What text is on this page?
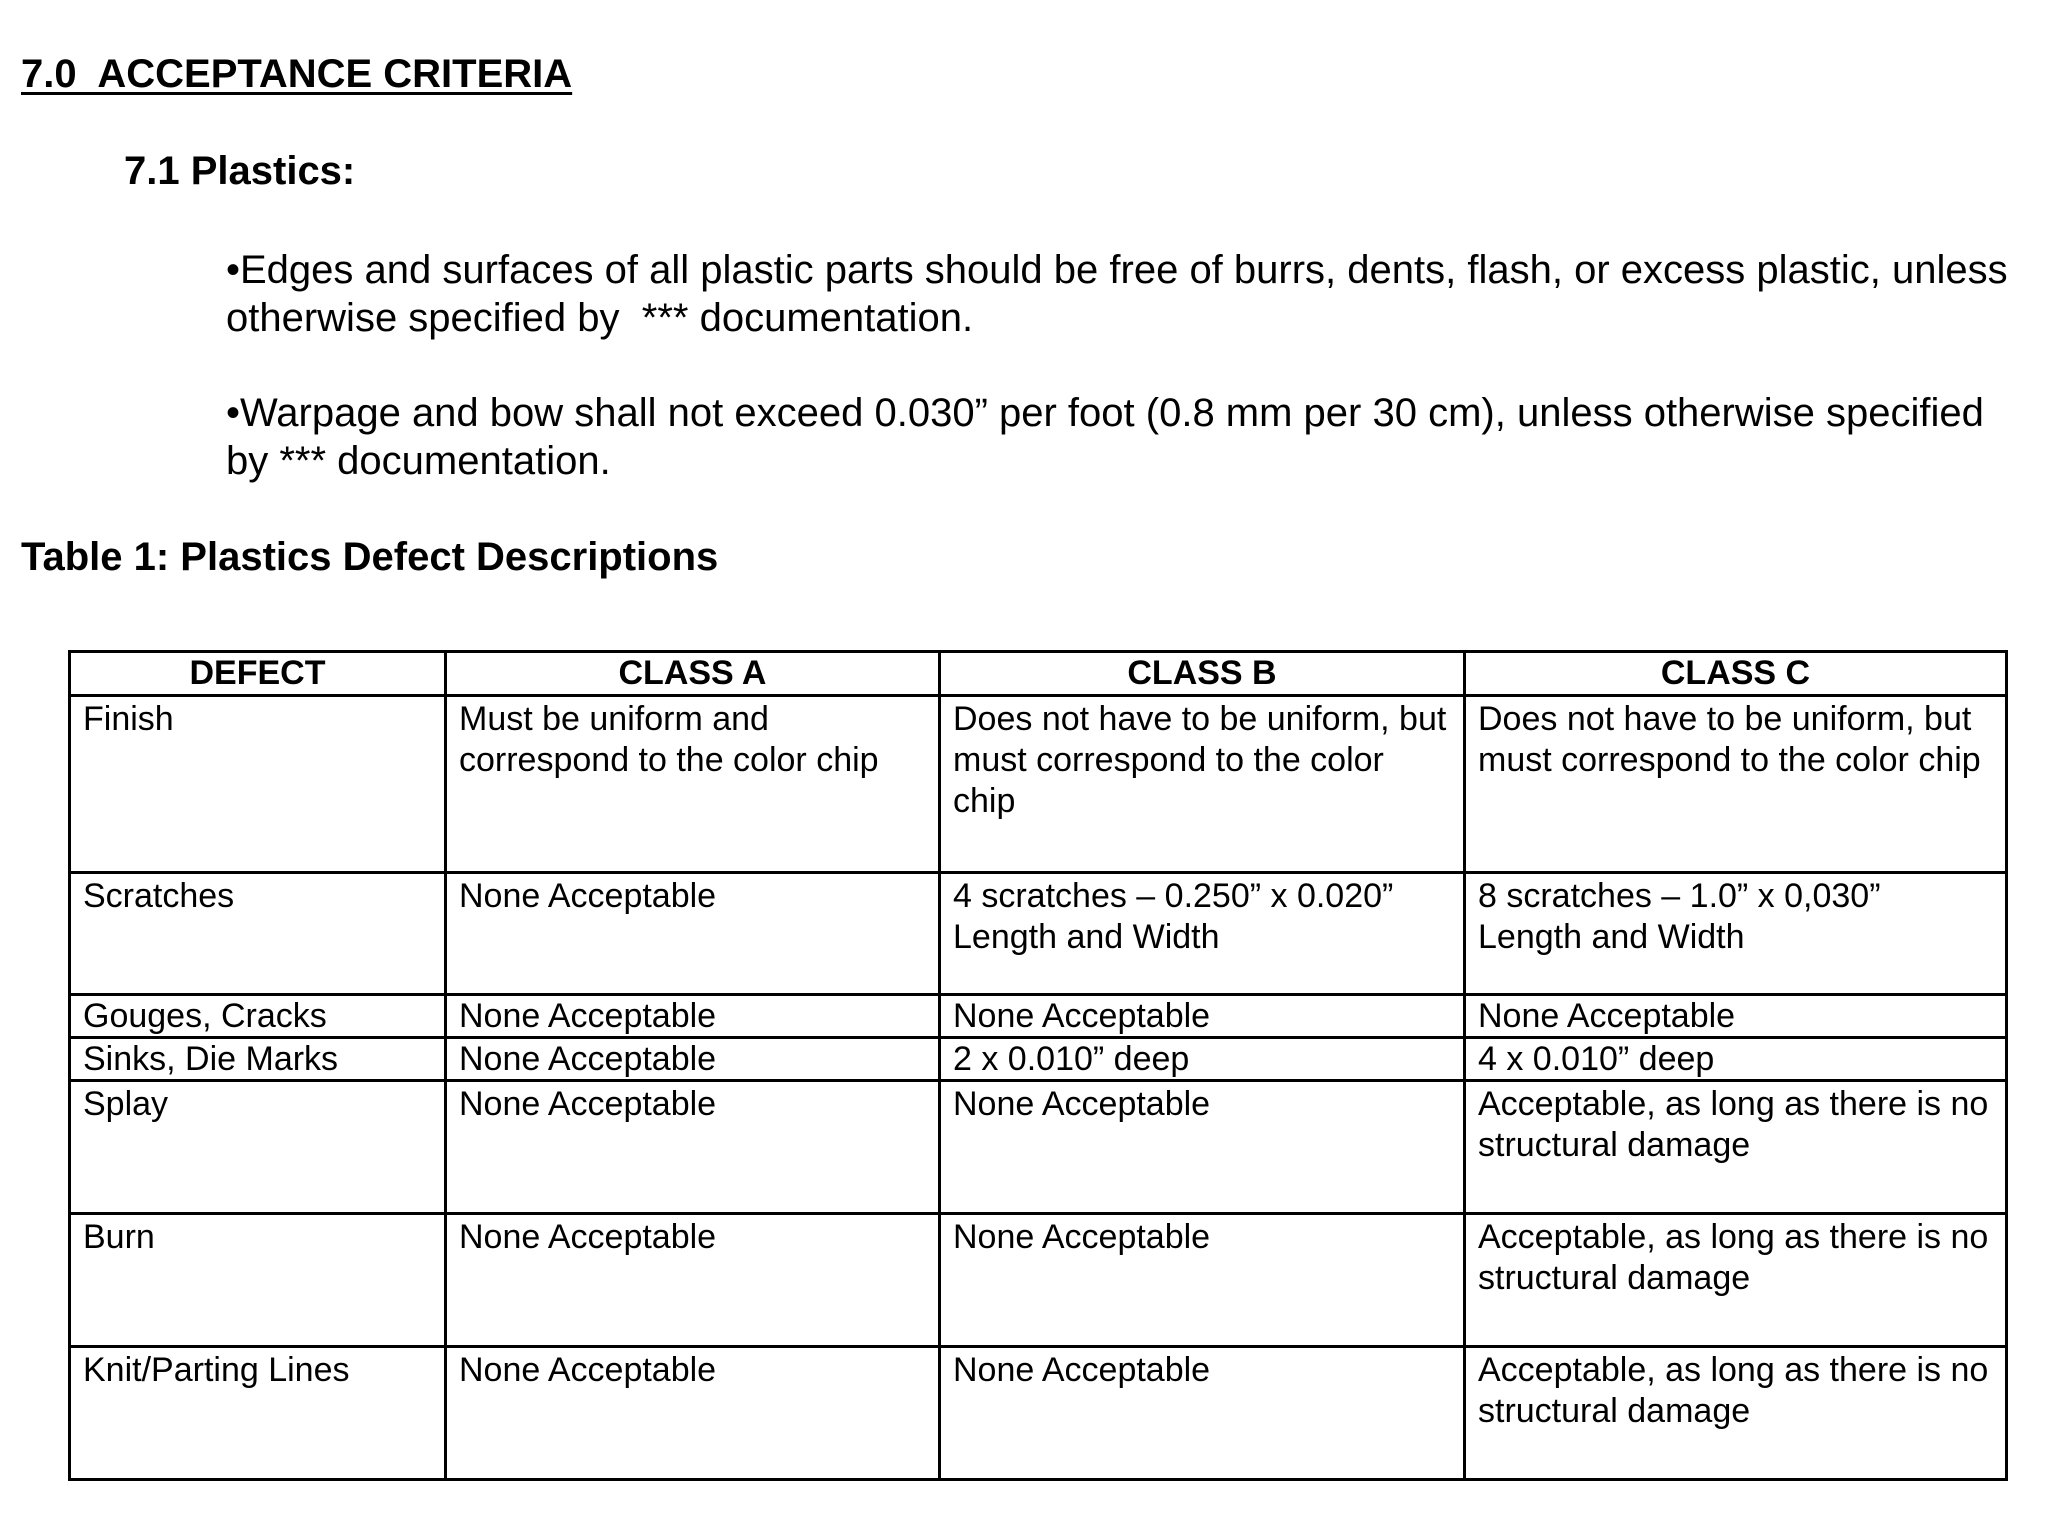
7.0  ACCEPTANCE CRITERIA
7.1 Plastics:

•Edges and surfaces of all plastic parts should be free of burrs, dents, flash, or excess plastic, unless otherwise specified by  *** documentation.

•Warpage and bow shall not exceed 0.030” per foot (0.8 mm per 30 cm), unless otherwise specified by *** documentation.

Table 1: Plastics Defect Descriptions
DEFECT	CLASS A	CLASS B	CLASS C
Finish	Must be uniform and correspond to the color chip	Does not have to be uniform, but must correspond to the color chip	Does not have to be uniform, but must correspond to the color chip
Scratches	None Acceptable	4 scratches – 0.250” x 0.020” Length and Width	8 scratches – 1.0” x 0,030” Length and Width
Gouges, Cracks	None Acceptable	None Acceptable	None Acceptable
Sinks, Die Marks	None Acceptable	2 x 0.010” deep	4 x 0.010” deep
Splay	None Acceptable	None Acceptable	Acceptable, as long as there is no structural damage
Burn	None Acceptable	None Acceptable	Acceptable, as long as there is no structural damage
Knit/Parting Lines	None Acceptable	None Acceptable	Acceptable, as long as there is no structural damage
